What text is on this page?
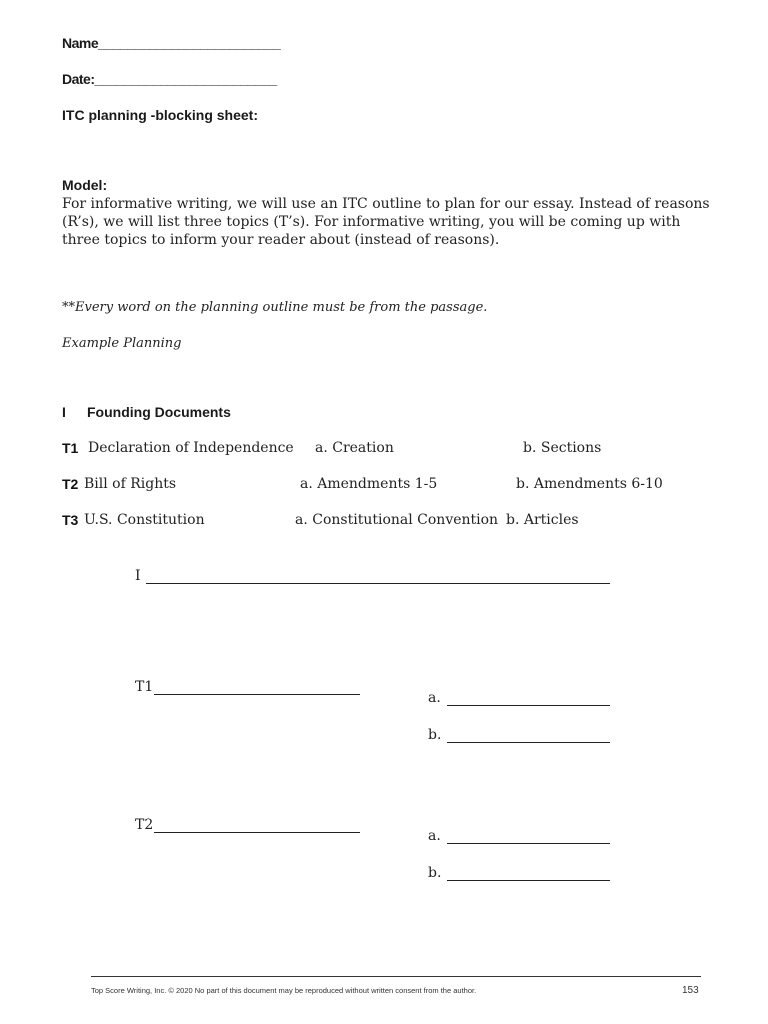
Name_________________________
Date:_________________________
ITC planning -blocking sheet:
Model:
For informative writing, we will use an ITC outline to plan for our essay. Instead of reasons (R’s), we will list three topics (T’s). For informative writing, you will be coming up with three topics to inform your reader about (instead of reasons).
**Every word on the planning outline must be from the passage.
Example Planning
I Founding Documents
T1 Declaration of Independence a. Creation	b. Sections
T2 Bill of Rights	a. Amendments 1-5	b. Amendments 6-10
T3 U.S. Constitution	a. Constitutional Convention b. Articles
I
T1
a.
b.
T2
a.
b.
Top Score Writing, Inc. © 2020 No part of this document may be reproduced without written consent from the author.	153
